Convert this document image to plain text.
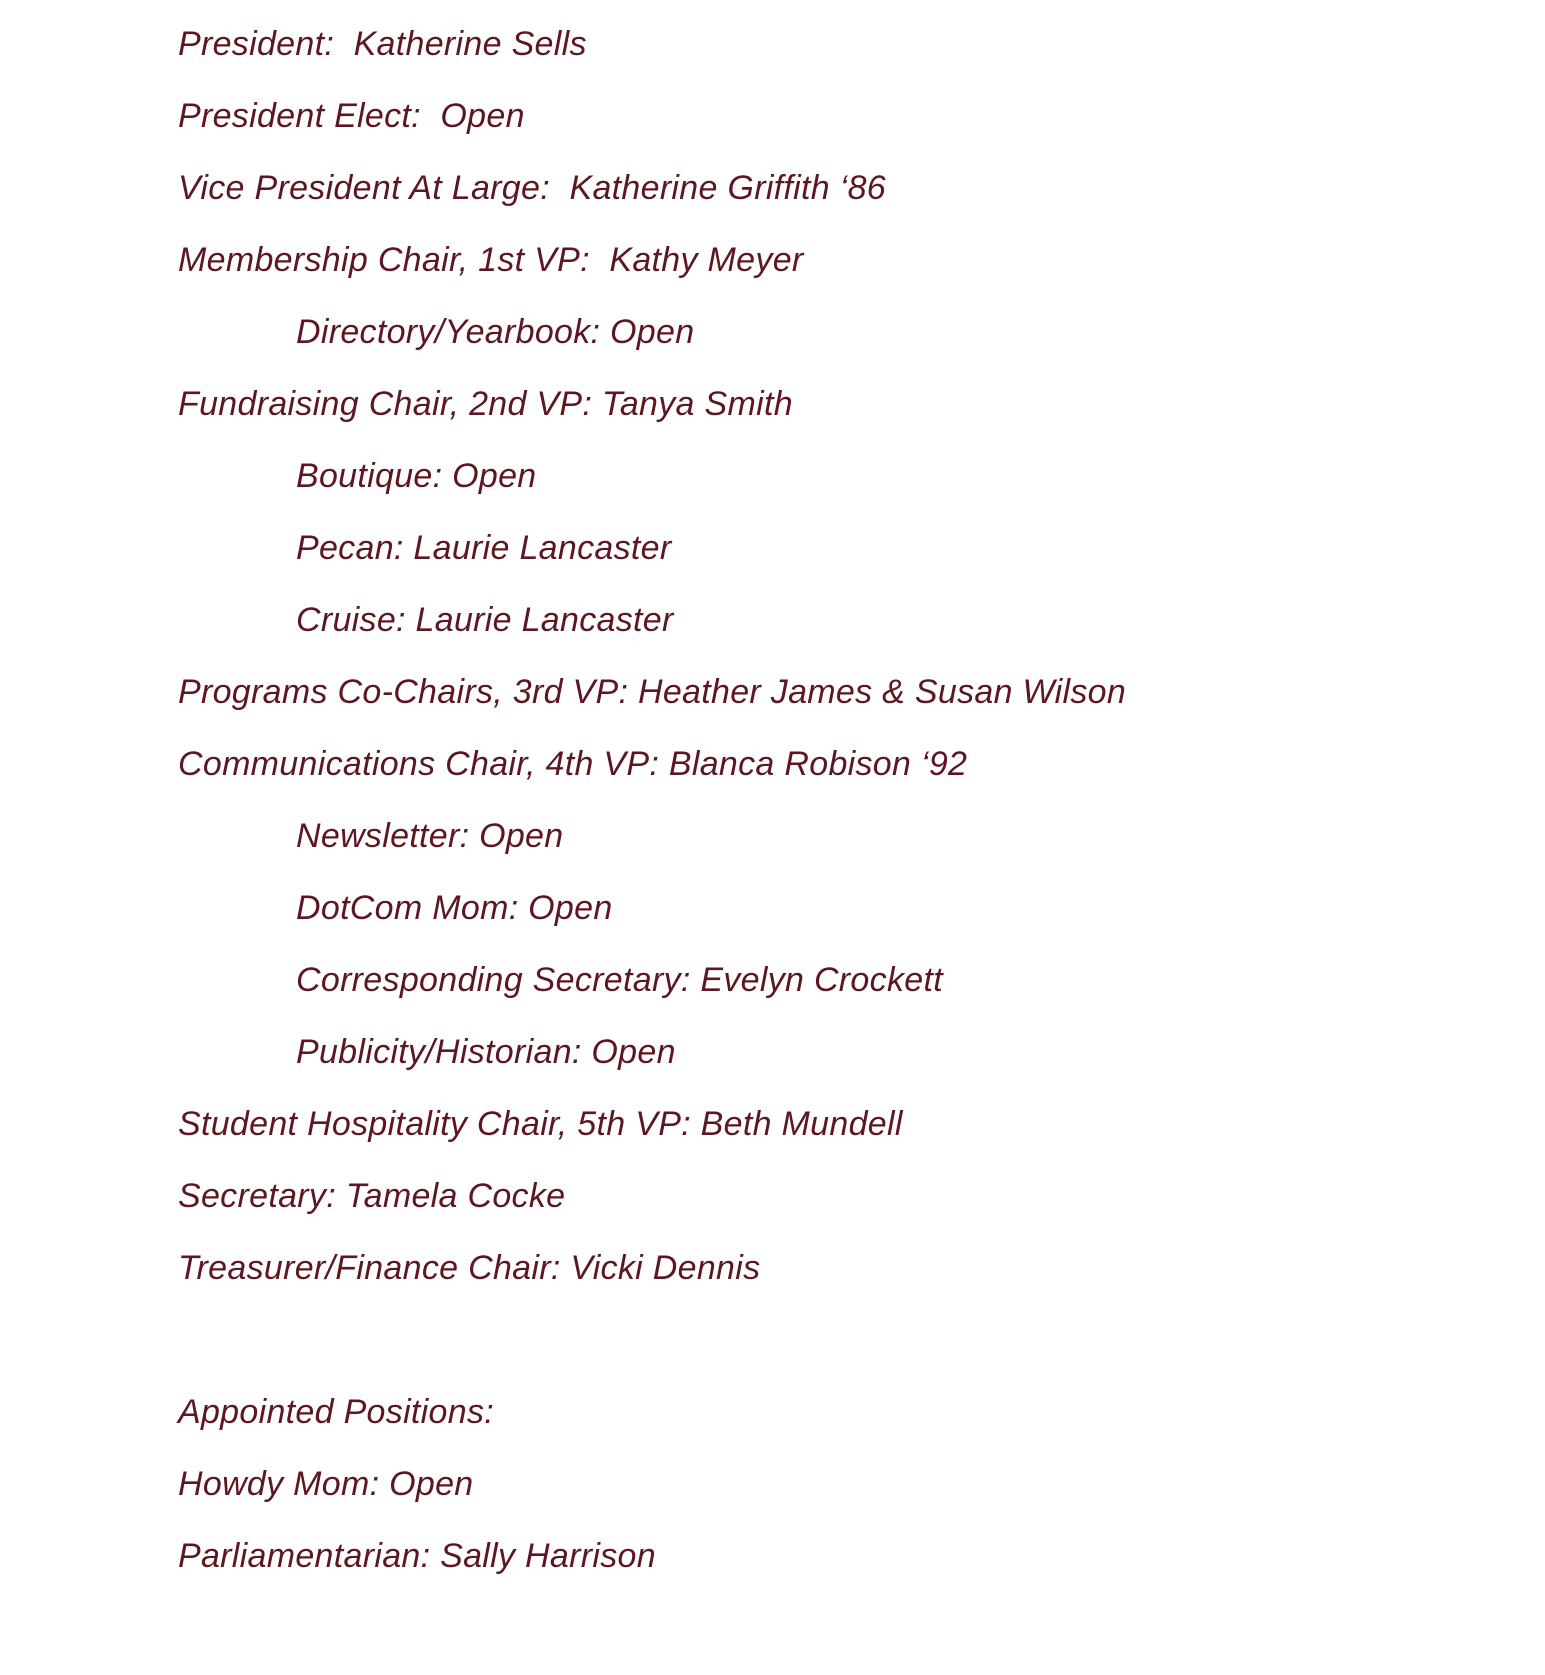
President:  Katherine Sells
President Elect:  Open
Vice President At Large:  Katherine Griffith ‘86
Membership Chair, 1st VP:  Kathy Meyer
Directory/Yearbook: Open
Fundraising Chair, 2nd VP: Tanya Smith
Boutique: Open
Pecan: Laurie Lancaster
Cruise: Laurie Lancaster
Programs Co-Chairs, 3rd VP: Heather James & Susan Wilson
Communications Chair, 4th VP: Blanca Robison ‘92
Newsletter: Open
DotCom Mom: Open
Corresponding Secretary: Evelyn Crockett
Publicity/Historian: Open
Student Hospitality Chair, 5th VP: Beth Mundell
Secretary: Tamela Cocke
Treasurer/Finance Chair: Vicki Dennis
Appointed Positions:
Howdy Mom: Open
Parliamentarian: Sally Harrison
